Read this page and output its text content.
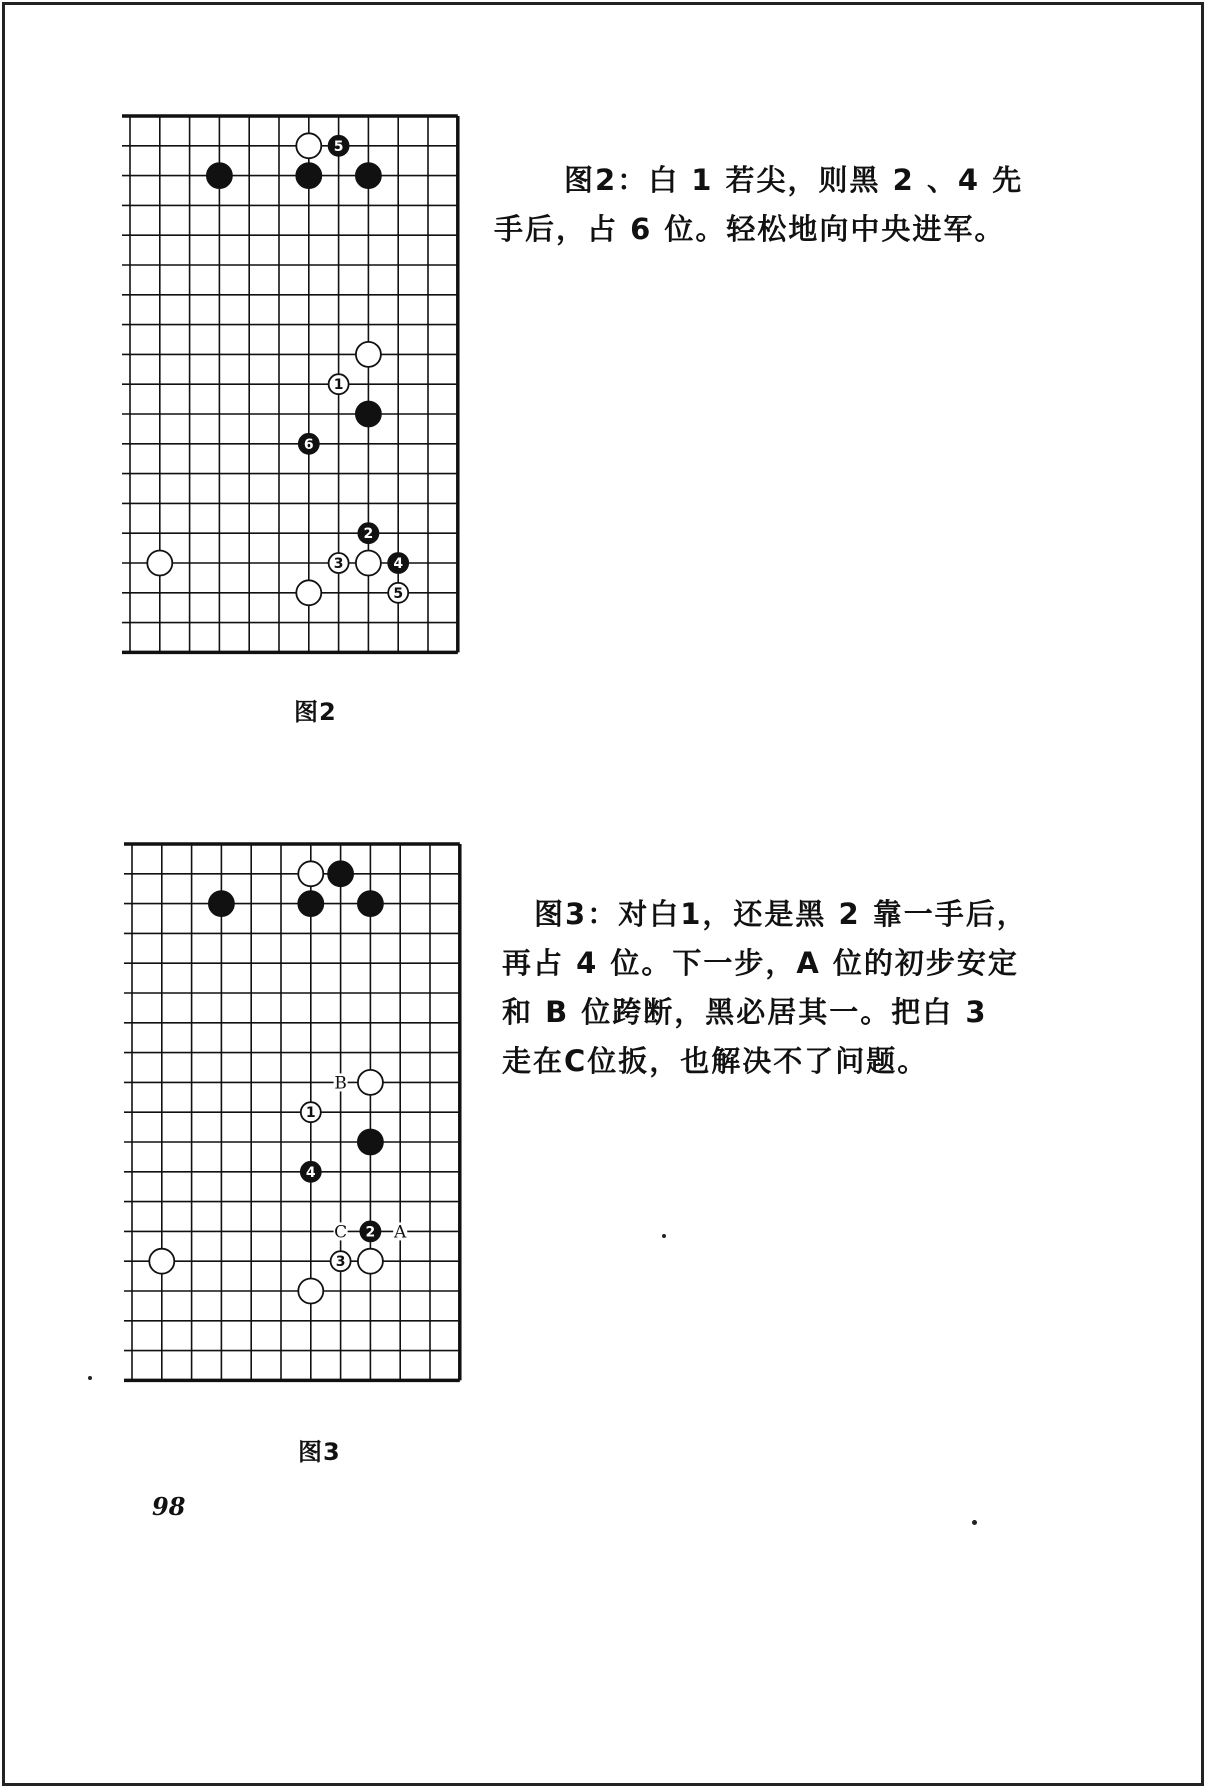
5
1
6
2
3	4
5
图2
图2：白 1 若尖，则黑 2 、4 先
手后，占 6 位。轻松地向中央进军。
1
4
2
3
B
C	A
图3
图3：对白1，还是黑 2 靠一手后，
再占 4 位。下一步，A 位的初步安定
和 B 位跨断，黑必居其一。把白 3
走在C位扳，也解决不了问题。
98
